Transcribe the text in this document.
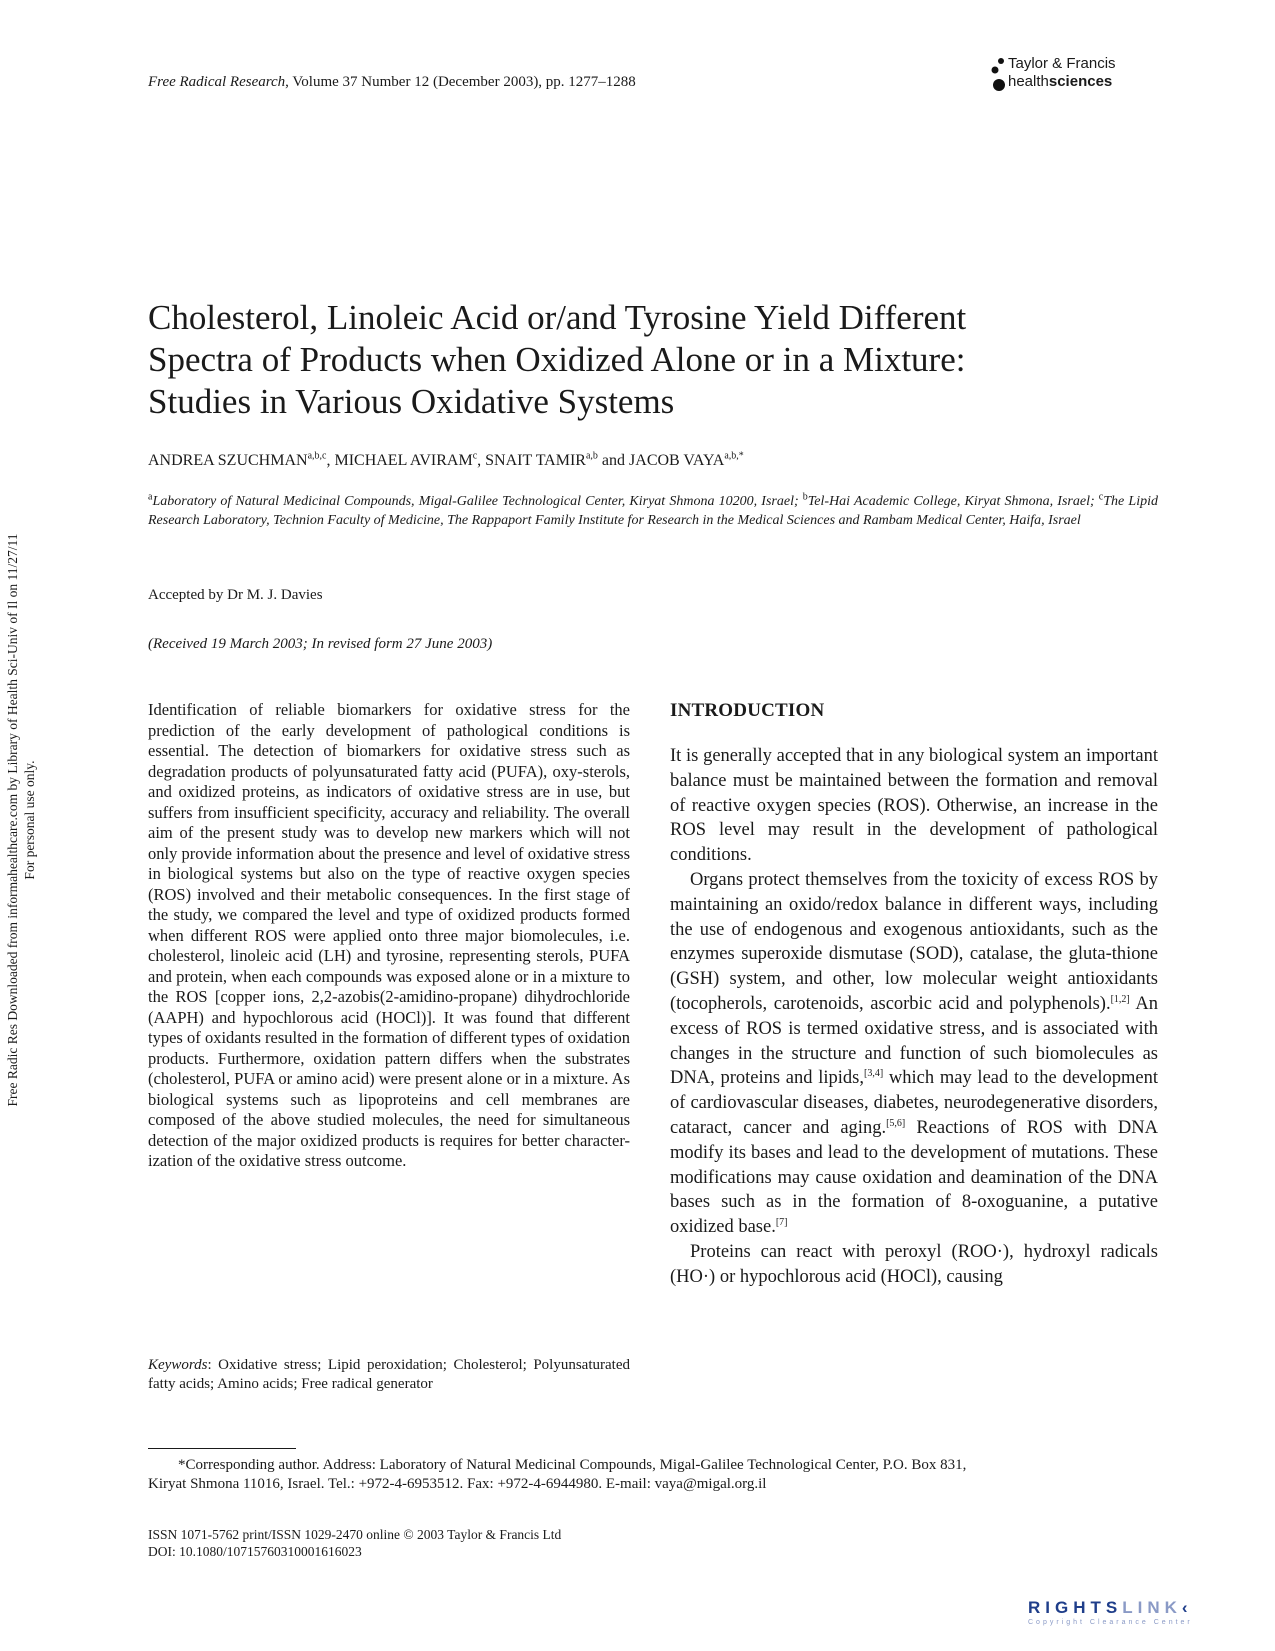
Free Radical Research, Volume 37 Number 12 (December 2003), pp. 1277–1288
Taylor & Francis
healthsciences
Free Radic Res Downloaded from informahealthcare.com by Library of Health Sci-Univ of Il on 11/27/11 For personal use only.
Cholesterol, Linoleic Acid or/and Tyrosine Yield Different
Spectra of Products when Oxidized Alone or in a Mixture:
Studies in Various Oxidative Systems
ANDREA SZUCHMAN$^{a,b,c}$, MICHAEL AVIRAM$^c$, SNAIT TAMIR$^{a,b}$ and JACOB $VAYA^{a,b,*}$
$^a$Laboratory of Natural Medicinal Compounds, Migal-Galilee Technological Center, Kiryat Shmona 10200, Israel; $^b$Tel-Hai Academic College, Kiryat Shmona, Israel; $^c$The Lipid Research Laboratory, Technion Faculty of Medicine, The Rappaport Family Institute for Research in the Medical Sciences and Rambam Medical Center, Haifa, Israel
Accepted by Dr M. J. Davies
(Received 19 March 2003; In revised form 27 June 2003)
Identification of reliable biomarkers for oxidative stress for the prediction of the early development of pathological conditions is essential. The detection of biomarkers for oxidative stress such as degradation products of polyunsaturated fatty acid (PUFA), oxy-sterols, and oxidized proteins, as indicators of oxidative stress are in use, but suffers from insufficient specificity, accuracy and reliability. The overall aim of the present study was to develop new markers which will not only provide information about the presence and level of oxidative stress in biological systems but also on the type of reactive oxygen species (ROS) involved and their metabolic consequences. In the first stage of the study, we compared the level and type of oxidized products formed when different ROS were applied onto three major biomolecules, i.e. cholesterol, linoleic acid (LH) and tyrosine, representing sterols, PUFA and protein, when each compounds was exposed alone or in a mixture to the ROS [copper ions, 2,2-azobis(2-amidino-propane) dihydrochloride (AAPH) and hypochlorous acid (HOCl)]. It was found that different types of oxidants resulted in the formation of different types of oxidation products. Furthermore, oxidation pattern differs when the substrates (cholesterol, PUFA or amino acid) were present alone or in a mixture. As biological systems such as lipoproteins and cell membranes are composed of the above studied molecules, the need for simultaneous detection of the major oxidized products is requires for better character-ization of the oxidative stress outcome.
Keywords: Oxidative stress; Lipid peroxidation; Cholesterol; Polyunsaturated fatty acids; Amino acids; Free radical generator
INTRODUCTION

It is generally accepted that in any biological system an important balance must be maintained between the formation and removal of reactive oxygen species (ROS). Otherwise, an increase in the ROS level may result in the development of pathological conditions.

Organs protect themselves from the toxicity of excess ROS by maintaining an oxido/redox balance in different ways, including the use of endogenous and exogenous antioxidants, such as the enzymes superoxide dismutase (SOD), catalase, the gluta-thione (GSH) system, and other, low molecular weight antioxidants (tocopherols, carotenoids, ascorbic acid and polyphenols).[1,2] An excess of ROS is termed oxidative stress, and is associated with changes in the structure and function of such biomolecules as DNA, proteins and lipids,[3,4] which may lead to the development of cardiovascular diseases, diabetes, neurodegenerative disorders, cataract, cancer and aging.[5,6] Reactions of ROS with DNA modify its bases and lead to the development of mutations. These modifications may cause oxidation and deamination of the DNA bases such as in the formation of 8-oxoguanine, a putative oxidized base.[7]

Proteins can react with peroxyl (ROO·), hydroxyl radicals (HO·) or hypochlorous acid (HOCl), causing

*Corresponding author. Address: Laboratory of Natural Medicinal Compounds, Migal-Galilee Technological Center, P.O. Box 831,
Kiryat Shmona 11016, Israel. Tel.: +972-4-6953512. Fax: +972-4-6944980. E-mail: vaya@migal.org.il
ISSN 1071-5762 print/ISSN 1029-2470 online © 2003 Taylor & Francis Ltd
DOI: 10.1080/10715760310001616023
RIGHTSLINK‹
Copyright Clearance Center
